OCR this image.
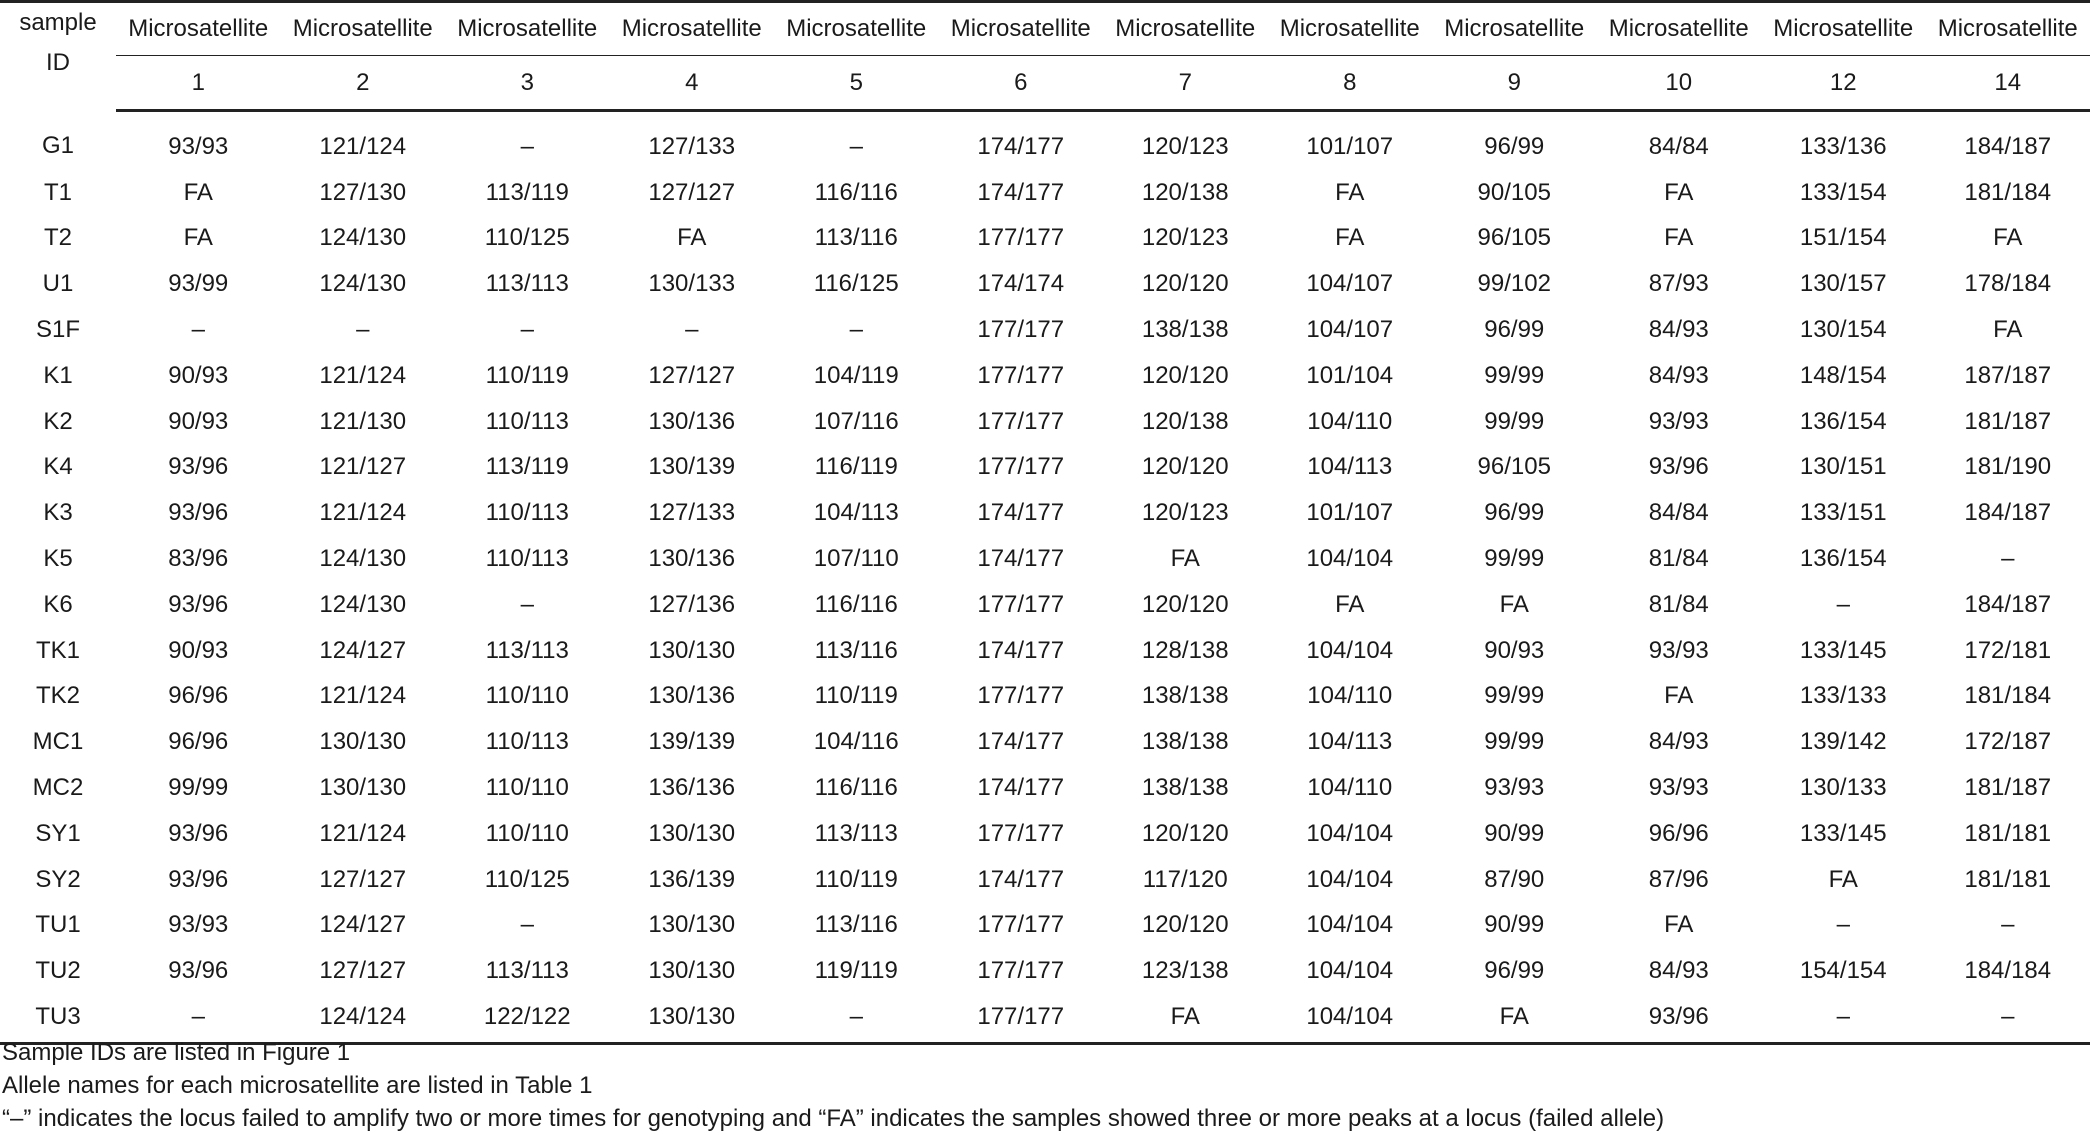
sample
ID	Microsatellite	Microsatellite	Microsatellite	Microsatellite	Microsatellite	Microsatellite	Microsatellite	Microsatellite	Microsatellite	Microsatellite	Microsatellite	Microsatellite
	1	2	3	4	5	6	7	8	9	10	12	14
G1	93/93	121/124	–	127/133	–	174/177	120/123	101/107	96/99	84/84	133/136	184/187
T1	FA	127/130	113/119	127/127	116/116	174/177	120/138	FA	90/105	FA	133/154	181/184
T2	FA	124/130	110/125	FA	113/116	177/177	120/123	FA	96/105	FA	151/154	FA
U1	93/99	124/130	113/113	130/133	116/125	174/174	120/120	104/107	99/102	87/93	130/157	178/184
S1F	–	–	–	–	–	177/177	138/138	104/107	96/99	84/93	130/154	FA
K1	90/93	121/124	110/119	127/127	104/119	177/177	120/120	101/104	99/99	84/93	148/154	187/187
K2	90/93	121/130	110/113	130/136	107/116	177/177	120/138	104/110	99/99	93/93	136/154	181/187
K4	93/96	121/127	113/119	130/139	116/119	177/177	120/120	104/113	96/105	93/96	130/151	181/190
K3	93/96	121/124	110/113	127/133	104/113	174/177	120/123	101/107	96/99	84/84	133/151	184/187
K5	83/96	124/130	110/113	130/136	107/110	174/177	FA	104/104	99/99	81/84	136/154	–
K6	93/96	124/130	–	127/136	116/116	177/177	120/120	FA	FA	81/84	–	184/187
TK1	90/93	124/127	113/113	130/130	113/116	174/177	128/138	104/104	90/93	93/93	133/145	172/181
TK2	96/96	121/124	110/110	130/136	110/119	177/177	138/138	104/110	99/99	FA	133/133	181/184
MC1	96/96	130/130	110/113	139/139	104/116	174/177	138/138	104/113	99/99	84/93	139/142	172/187
MC2	99/99	130/130	110/110	136/136	116/116	174/177	138/138	104/110	93/93	93/93	130/133	181/187
SY1	93/96	121/124	110/110	130/130	113/113	177/177	120/120	104/104	90/99	96/96	133/145	181/181
SY2	93/96	127/127	110/125	136/139	110/119	174/177	117/120	104/104	87/90	87/96	FA	181/181
TU1	93/93	124/127	–	130/130	113/116	177/177	120/120	104/104	90/99	FA	–	–
TU2	93/96	127/127	113/113	130/130	119/119	177/177	123/138	104/104	96/99	84/93	154/154	184/184
TU3	–	124/124	122/122	130/130	–	177/177	FA	104/104	FA	93/96	–	–
Sample IDs are listed in Figure 1
Allele names for each microsatellite are listed in Table 1
“–” indicates the locus failed to amplify two or more times for genotyping and “FA” indicates the samples showed three or more peaks at a locus (failed allele)
